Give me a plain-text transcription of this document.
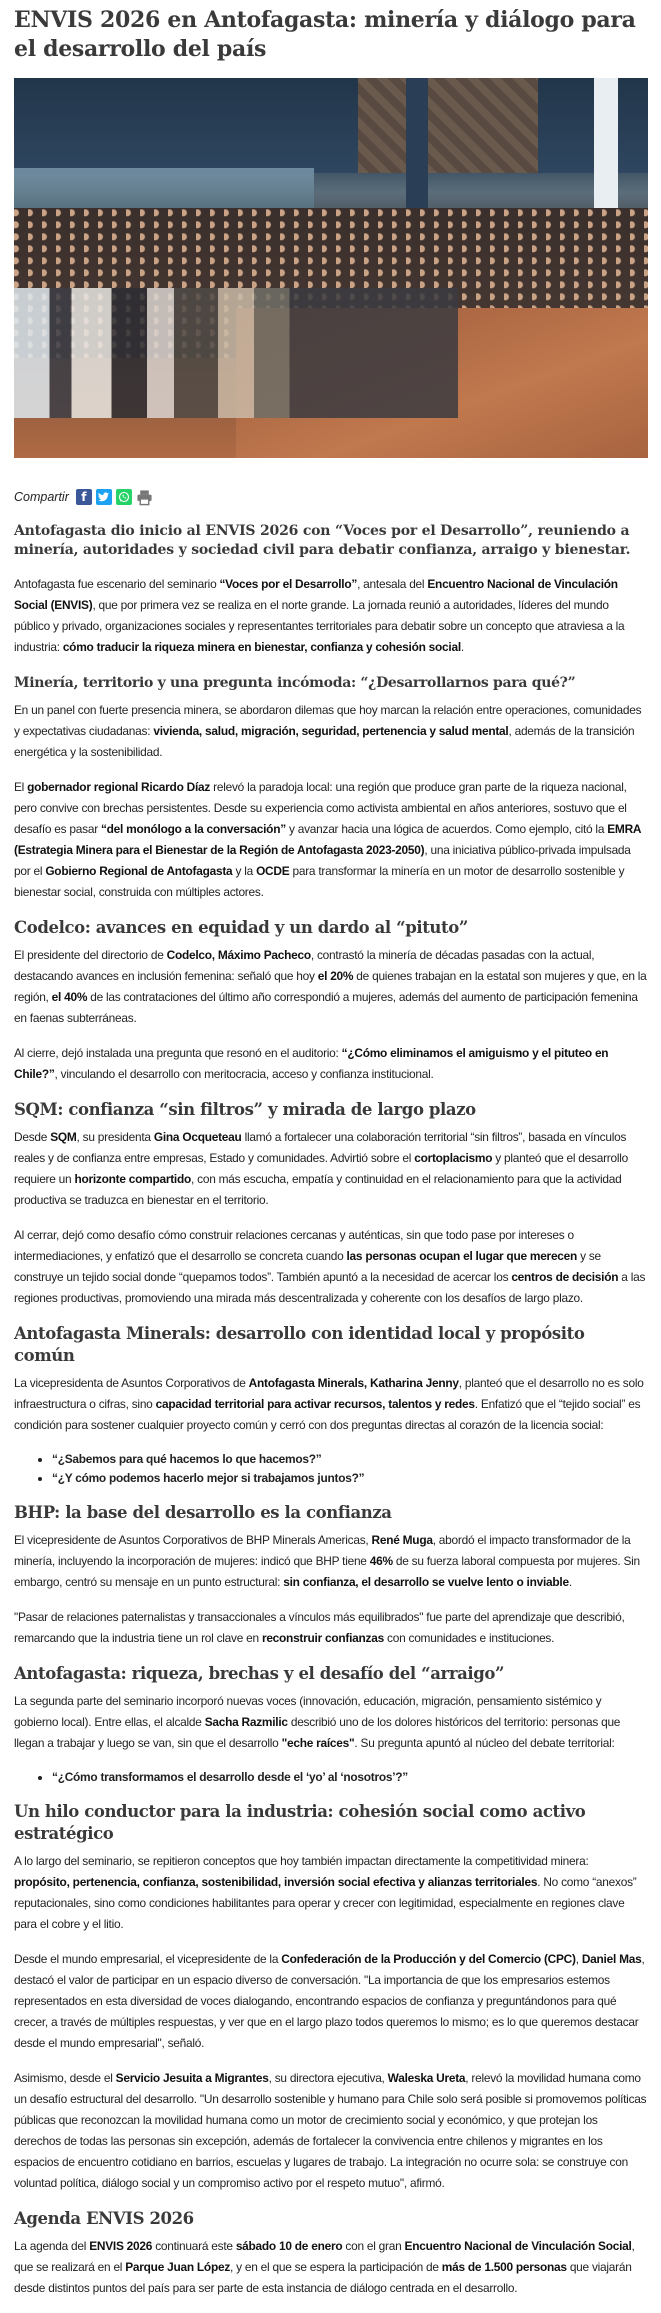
ENVIS 2026 en Antofagasta: minería y diálogo para el desarrollo del país
Compartir	f
Antofagasta dio inicio al ENVIS 2026 con “Voces por el Desarrollo”, reuniendo a minería, autoridades y sociedad civil para debatir confianza, arraigo y bienestar.

Antofagasta fue escenario del seminario “Voces por el Desarrollo”, antesala del Encuentro Nacional de Vinculación Social (ENVIS), que por primera vez se realiza en el norte grande. La jornada reunió a autoridades, líderes del mundo público y privado, organizaciones sociales y representantes territoriales para debatir sobre un concepto que atraviesa a la industria: cómo traducir la riqueza minera en bienestar, confianza y cohesión social.

Minería, territorio y una pregunta incómoda: “¿Desarrollarnos para qué?”

En un panel con fuerte presencia minera, se abordaron dilemas que hoy marcan la relación entre operaciones, comunidades y expectativas ciudadanas: vivienda, salud, migración, seguridad, pertenencia y salud mental, además de la transición energética y la sostenibilidad.

El gobernador regional Ricardo Díaz relevó la paradoja local: una región que produce gran parte de la riqueza nacional, pero convive con brechas persistentes. Desde su experiencia como activista ambiental en años anteriores, sostuvo que el desafío es pasar “del monólogo a la conversación” y avanzar hacia una lógica de acuerdos. Como ejemplo, citó la EMRA (Estrategia Minera para el Bienestar de la Región de Antofagasta 2023-2050), una iniciativa público-privada impulsada por el Gobierno Regional de Antofagasta y la OCDE para transformar la minería en un motor de desarrollo sostenible y bienestar social, construida con múltiples actores.

Codelco: avances en equidad y un dardo al “pituto”

El presidente del directorio de Codelco, Máximo Pacheco, contrastó la minería de décadas pasadas con la actual, destacando avances en inclusión femenina: señaló que hoy el 20% de quienes trabajan en la estatal son mujeres y que, en la región, el 40% de las contrataciones del último año correspondió a mujeres, además del aumento de participación femenina en faenas subterráneas.

Al cierre, dejó instalada una pregunta que resonó en el auditorio: “¿Cómo eliminamos el amiguismo y el pituteo en Chile?”, vinculando el desarrollo con meritocracia, acceso y confianza institucional.

SQM: confianza “sin filtros” y mirada de largo plazo

Desde SQM, su presidenta Gina Ocqueteau llamó a fortalecer una colaboración territorial “sin filtros”, basada en vínculos reales y de confianza entre empresas, Estado y comunidades. Advirtió sobre el cortoplacismo y planteó que el desarrollo requiere un horizonte compartido, con más escucha, empatía y continuidad en el relacionamiento para que la actividad productiva se traduzca en bienestar en el territorio.

Al cerrar, dejó como desafío cómo construir relaciones cercanas y auténticas, sin que todo pase por intereses o intermediaciones, y enfatizó que el desarrollo se concreta cuando las personas ocupan el lugar que merecen y se construye un tejido social donde “quepamos todos”. También apuntó a la necesidad de acercar los centros de decisión a las regiones productivas, promoviendo una mirada más descentralizada y coherente con los desafíos de largo plazo.

Antofagasta Minerals: desarrollo con identidad local y propósito común

La vicepresidenta de Asuntos Corporativos de Antofagasta Minerals, Katharina Jenny, planteó que el desarrollo no es solo infraestructura o cifras, sino capacidad territorial para activar recursos, talentos y redes. Enfatizó que el “tejido social” es condición para sostener cualquier proyecto común y cerró con dos preguntas directas al corazón de la licencia social:

• “¿Sabemos para qué hacemos lo que hacemos?”
• “¿Y cómo podemos hacerlo mejor si trabajamos juntos?”
BHP: la base del desarrollo es la confianza

El vicepresidente de Asuntos Corporativos de BHP Minerals Americas, René Muga, abordó el impacto transformador de la minería, incluyendo la incorporación de mujeres: indicó que BHP tiene 46% de su fuerza laboral compuesta por mujeres. Sin embargo, centró su mensaje en un punto estructural: sin confianza, el desarrollo se vuelve lento o inviable.

"Pasar de relaciones paternalistas y transaccionales a vínculos más equilibrados" fue parte del aprendizaje que describió, remarcando que la industria tiene un rol clave en reconstruir confianzas con comunidades e instituciones.

Antofagasta: riqueza, brechas y el desafío del “arraigo”

La segunda parte del seminario incorporó nuevas voces (innovación, educación, migración, pensamiento sistémico y gobierno local). Entre ellas, el alcalde Sacha Razmilic describió uno de los dolores históricos del territorio: personas que llegan a trabajar y luego se van, sin que el desarrollo "eche raíces". Su pregunta apuntó al núcleo del debate territorial:

• “¿Cómo transformamos el desarrollo desde el ‘yo’ al ‘nosotros’?”
Un hilo conductor para la industria: cohesión social como activo estratégico

A lo largo del seminario, se repitieron conceptos que hoy también impactan directamente la competitividad minera: propósito, pertenencia, confianza, sostenibilidad, inversión social efectiva y alianzas territoriales. No como “anexos” reputacionales, sino como condiciones habilitantes para operar y crecer con legitimidad, especialmente en regiones clave para el cobre y el litio.

Desde el mundo empresarial, el vicepresidente de la Confederación de la Producción y del Comercio (CPC), Daniel Mas, destacó el valor de participar en un espacio diverso de conversación. "La importancia de que los empresarios estemos representados en esta diversidad de voces dialogando, encontrando espacios de confianza y preguntándonos para qué crecer, a través de múltiples respuestas, y ver que en el largo plazo todos queremos lo mismo; es lo que queremos destacar desde el mundo empresarial", señaló.

Asimismo, desde el Servicio Jesuita a Migrantes, su directora ejecutiva, Waleska Ureta, relevó la movilidad humana como un desafío estructural del desarrollo. "Un desarrollo sostenible y humano para Chile solo será posible si promovemos políticas públicas que reconozcan la movilidad humana como un motor de crecimiento social y económico, y que protejan los derechos de todas las personas sin excepción, además de fortalecer la convivencia entre chilenos y migrantes en los espacios de encuentro cotidiano en barrios, escuelas y lugares de trabajo. La integración no ocurre sola: se construye con voluntad política, diálogo social y un compromiso activo por el respeto mutuo", afirmó.

Agenda ENVIS 2026

La agenda del ENVIS 2026 continuará este sábado 10 de enero con el gran Encuentro Nacional de Vinculación Social, que se realizará en el Parque Juan López, y en el que se espera la participación de más de 1.500 personas que viajarán desde distintos puntos del país para ser parte de esta instancia de diálogo centrada en el desarrollo.
